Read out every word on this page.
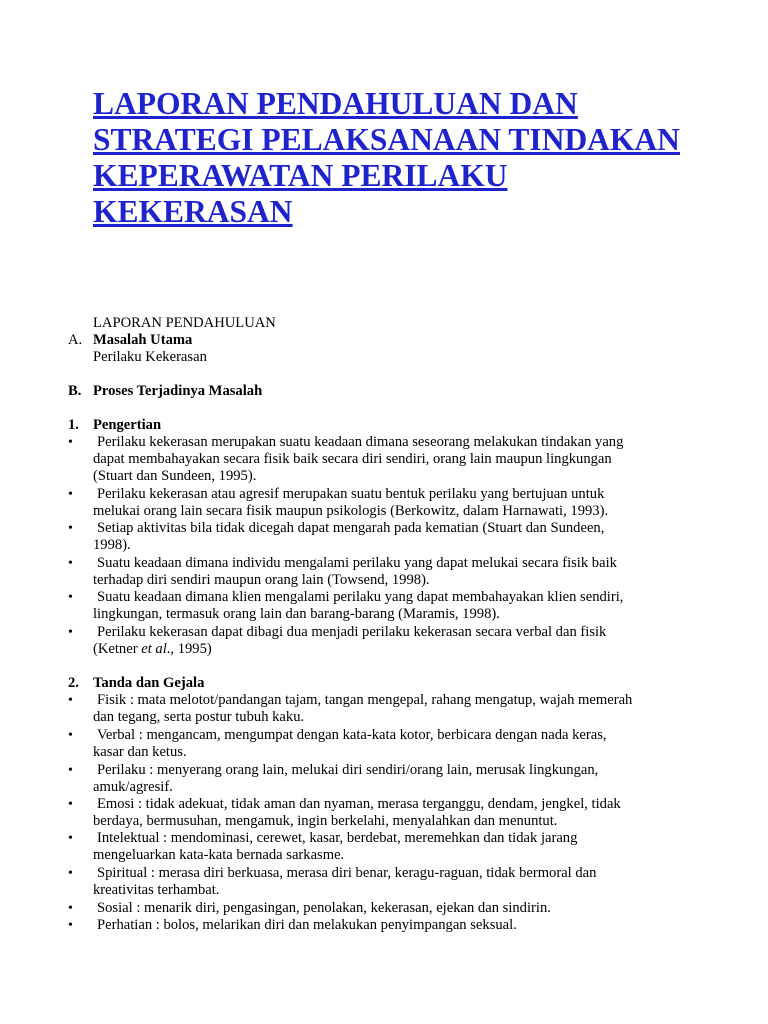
LAPORAN PENDAHULUAN DAN STRATEGI PELAKSANAAN TINDAKAN KEPERAWATAN PERILAKU KEKERASAN
LAPORAN PENDAHULUAN
A. Masalah Utama
Perilaku Kekerasan
B. Proses Terjadinya Masalah
1. Pengertian
• Perilaku kekerasan merupakan suatu keadaan dimana seseorang melakukan tindakan yang
dapat membahayakan secara fisik baik secara diri sendiri, orang lain maupun lingkungan
(Stuart dan Sundeen, 1995).
• Perilaku kekerasan atau agresif merupakan suatu bentuk perilaku yang bertujuan untuk
melukai orang lain secara fisik maupun psikologis (Berkowitz, dalam Harnawati, 1993).
• Setiap aktivitas bila tidak dicegah dapat mengarah pada kematian (Stuart dan Sundeen,
1998).
• Suatu keadaan dimana individu mengalami perilaku yang dapat melukai secara fisik baik
terhadap diri sendiri maupun orang lain (Towsend, 1998).
• Suatu keadaan dimana klien mengalami perilaku yang dapat membahayakan klien sendiri,
lingkungan, termasuk orang lain dan barang-barang (Maramis, 1998).
• Perilaku kekerasan dapat dibagi dua menjadi perilaku kekerasan secara verbal dan fisik
(Ketner et al., 1995)
2. Tanda dan Gejala
• Fisik : mata melotot/pandangan tajam, tangan mengepal, rahang mengatup, wajah memerah
dan tegang, serta postur tubuh kaku.
• Verbal : mengancam, mengumpat dengan kata-kata kotor, berbicara dengan nada keras,
kasar dan ketus.
• Perilaku : menyerang orang lain, melukai diri sendiri/orang lain, merusak lingkungan,
amuk/agresif.
• Emosi : tidak adekuat, tidak aman dan nyaman, merasa terganggu, dendam, jengkel, tidak
berdaya, bermusuhan, mengamuk, ingin berkelahi, menyalahkan dan menuntut.
• Intelektual : mendominasi, cerewet, kasar, berdebat, meremehkan dan tidak jarang
mengeluarkan kata-kata bernada sarkasme.
• Spiritual : merasa diri berkuasa, merasa diri benar, keragu-raguan, tidak bermoral dan
kreativitas terhambat.
• Sosial : menarik diri, pengasingan, penolakan, kekerasan, ejekan dan sindirin.
• Perhatian : bolos, melarikan diri dan melakukan penyimpangan seksual.
